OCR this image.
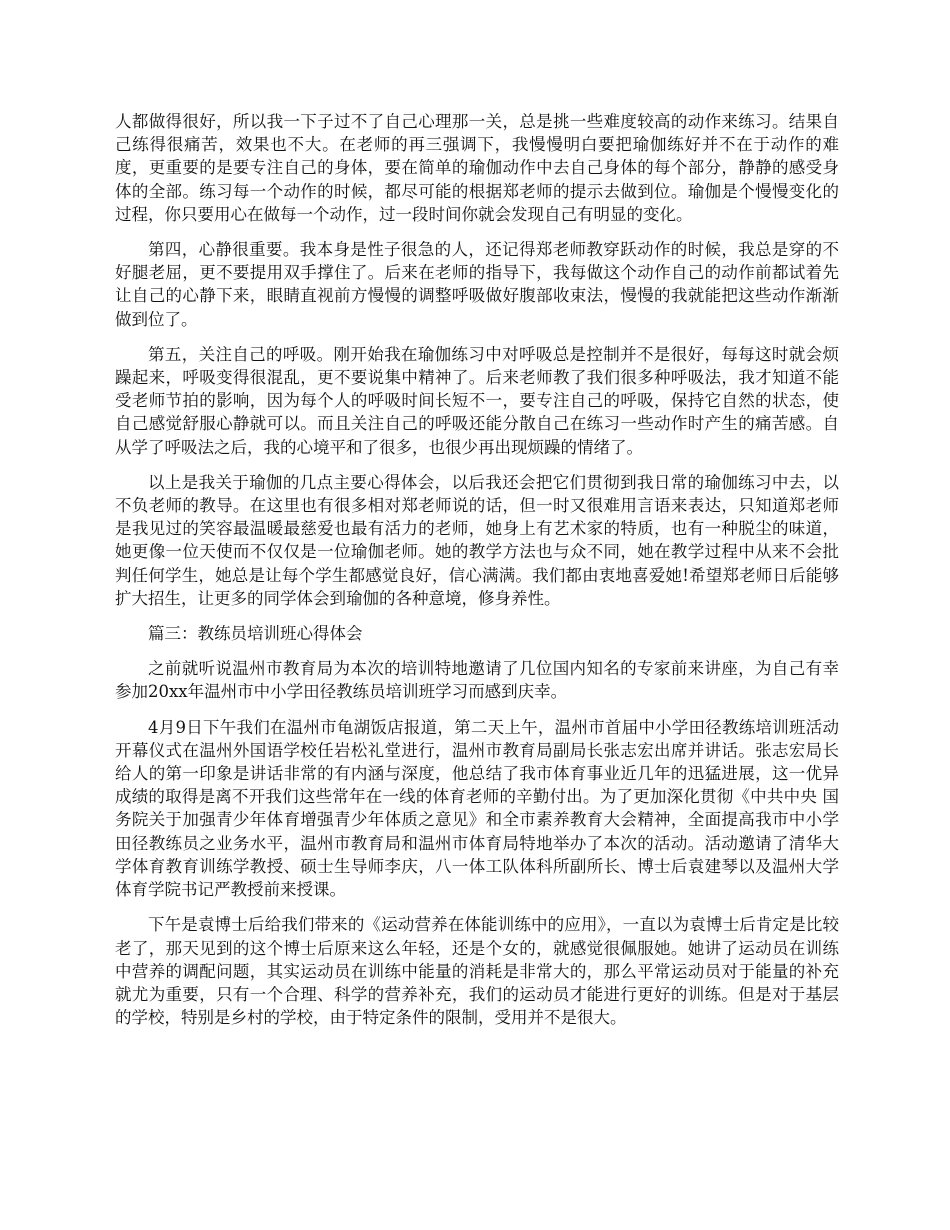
人都做得很好，所以我一下子过不了自己心理那一关，总是挑一些难度较高的动作来练习。结果自己练得很痛苦，效果也不大。在老师的再三强调下，我慢慢明白要把瑜伽练好并不在于动作的难度，更重要的是要专注自己的身体，要在简单的瑜伽动作中去自己身体的每个部分，静静的感受身体的全部。练习每一个动作的时候，都尽可能的根据郑老师的提示去做到位。瑜伽是个慢慢变化的过程，你只要用心在做每一个动作，过一段时间你就会发现自己有明显的变化。

第四，心静很重要。我本身是性子很急的人，还记得郑老师教穿跃动作的时候，我总是穿的不好腿老屈，更不要提用双手撑住了。后来在老师的指导下，我每做这个动作自己的动作前都试着先让自己的心静下来，眼睛直视前方慢慢的调整呼吸做好腹部收束法，慢慢的我就能把这些动作渐渐做到位了。

第五，关注自己的呼吸。刚开始我在瑜伽练习中对呼吸总是控制并不是很好，每每这时就会烦躁起来，呼吸变得很混乱，更不要说集中精神了。后来老师教了我们很多种呼吸法，我才知道不能受老师节拍的影响，因为每个人的呼吸时间长短不一，要专注自己的呼吸，保持它自然的状态，使自己感觉舒服心静就可以。而且关注自己的呼吸还能分散自己在练习一些动作时产生的痛苦感。自从学了呼吸法之后，我的心境平和了很多，也很少再出现烦躁的情绪了。

以上是我关于瑜伽的几点主要心得体会，以后我还会把它们贯彻到我日常的瑜伽练习中去，以不负老师的教导。在这里也有很多相对郑老师说的话，但一时又很难用言语来表达，只知道郑老师是我见过的笑容最温暖最慈爱也最有活力的老师，她身上有艺术家的特质，也有一种脱尘的味道，她更像一位天使而不仅仅是一位瑜伽老师。她的教学方法也与众不同，她在教学过程中从来不会批判任何学生，她总是让每个学生都感觉良好，信心满满。我们都由衷地喜爱她!希望郑老师日后能够扩大招生，让更多的同学体会到瑜伽的各种意境，修身养性。

篇三：教练员培训班心得体会

之前就听说温州市教育局为本次的培训特地邀请了几位国内知名的专家前来讲座，为自己有幸参加20xx年温州市中小学田径教练员培训班学习而感到庆幸。

4月9日下午我们在温州市龟湖饭店报道，第二天上午，温州市首届中小学田径教练培训班活动开幕仪式在温州外国语学校任岩松礼堂进行，温州市教育局副局长张志宏出席并讲话。张志宏局长给人的第一印象是讲话非常的有内涵与深度，他总结了我市体育事业近几年的迅猛进展，这一优异成绩的取得是离不开我们这些常年在一线的体育老师的辛勤付出。为了更加深化贯彻《中共中央 国务院关于加强青少年体育增强青少年体质之意见》和全市素养教育大会精神，全面提高我市中小学田径教练员之业务水平，温州市教育局和温州市体育局特地举办了本次的活动。活动邀请了清华大学体育教育训练学教授、硕士生导师李庆，八一体工队体科所副所长、博士后袁建琴以及温州大学体育学院书记严教授前来授课。

下午是袁博士后给我们带来的《运动营养在体能训练中的应用》，一直以为袁博士后肯定是比较老了，那天见到的这个博士后原来这么年轻，还是个女的，就感觉很佩服她。她讲了运动员在训练中营养的调配问题，其实运动员在训练中能量的消耗是非常大的，那么平常运动员对于能量的补充就尤为重要，只有一个合理、科学的营养补充，我们的运动员才能进行更好的训练。但是对于基层的学校，特别是乡村的学校，由于特定条件的限制，受用并不是很大。
